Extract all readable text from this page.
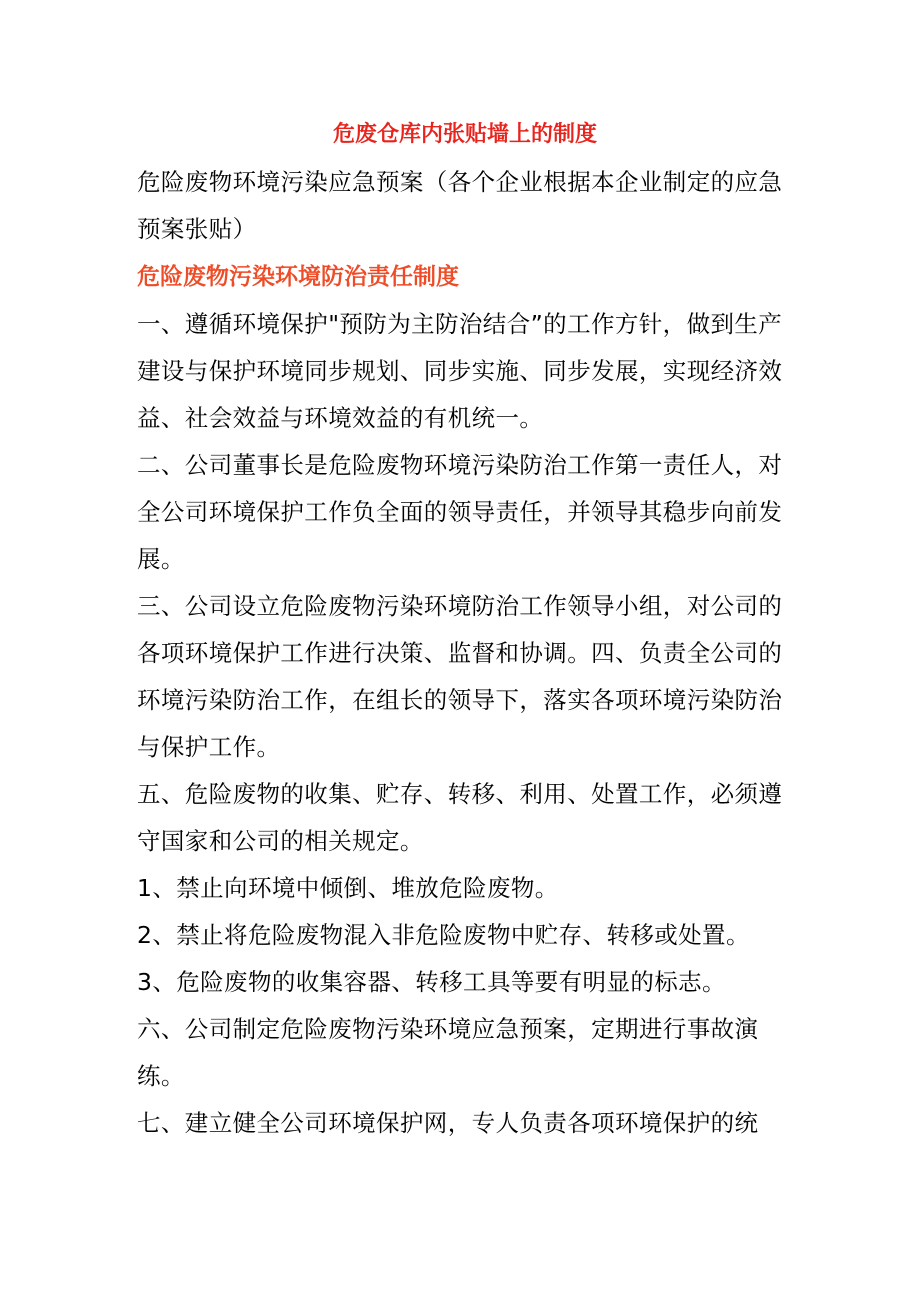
危废仓库内张贴墙上的制度

危险废物环境污染应急预案（各个企业根据本企业制定的应急预案张贴）

危险废物污染环境防治责任制度

一、遵循环境保护"预防为主防治结合”的工作方针，做到生产建设与保护环境同步规划、同步实施、同步发展，实现经济效益、社会效益与环境效益的有机统一。

二、公司董事长是危险废物环境污染防治工作第一责任人，对全公司环境保护工作负全面的领导责任，并领导其稳步向前发展。

三、公司设立危险废物污染环境防治工作领导小组，对公司的各项环境保护工作进行决策、监督和协调。四、负责全公司的环境污染防治工作，在组长的领导下，落实各项环境污染防治与保护工作。

五、危险废物的收集、贮存、转移、利用、处置工作，必须遵守国家和公司的相关规定。

1、禁止向环境中倾倒、堆放危险废物。

2、禁止将危险废物混入非危险废物中贮存、转移或处置。

3、危险废物的收集容器、转移工具等要有明显的标志。

六、公司制定危险废物污染环境应急预案，定期进行事故演练。

七、建立健全公司环境保护网，专人负责各项环境保护的统
